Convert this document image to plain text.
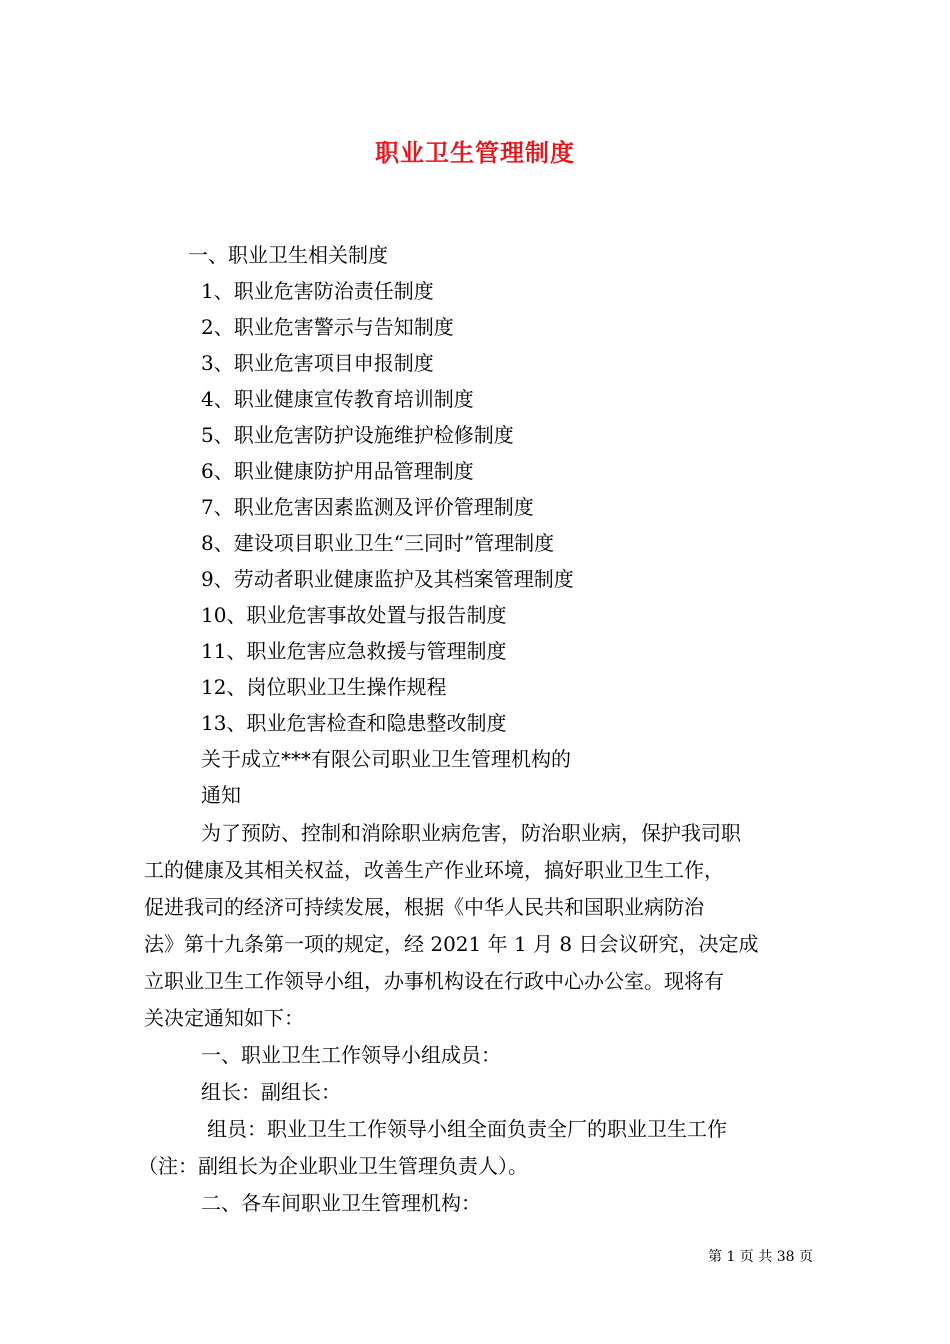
职业卫生管理制度
一、职业卫生相关制度
1、职业危害防治责任制度
2、职业危害警示与告知制度
3、职业危害项目申报制度
4、职业健康宣传教育培训制度
5、职业危害防护设施维护检修制度
6、职业健康防护用品管理制度
7、职业危害因素监测及评价管理制度
8、建设项目职业卫生“三同时”管理制度
9、劳动者职业健康监护及其档案管理制度
10、职业危害事故处置与报告制度
11、职业危害应急救援与管理制度
12、岗位职业卫生操作规程
13、职业危害检查和隐患整改制度
关于成立***有限公司职业卫生管理机构的
通知
为了预防、控制和消除职业病危害，防治职业病，保护我司职
工的健康及其相关权益，改善生产作业环境，搞好职业卫生工作，
促进我司的经济可持续发展，根据《中华人民共和国职业病防治
法》第十九条第一项的规定，经 2021 年 1 月 8 日会议研究，决定成
立职业卫生工作领导小组，办事机构设在行政中心办公室。现将有
关决定通知如下：
一、职业卫生工作领导小组成员：
组长：副组长：
组员：职业卫生工作领导小组全面负责全厂的职业卫生工作
（注：副组长为企业职业卫生管理负责人）。
二、各车间职业卫生管理机构：
第 1 页 共 38 页
